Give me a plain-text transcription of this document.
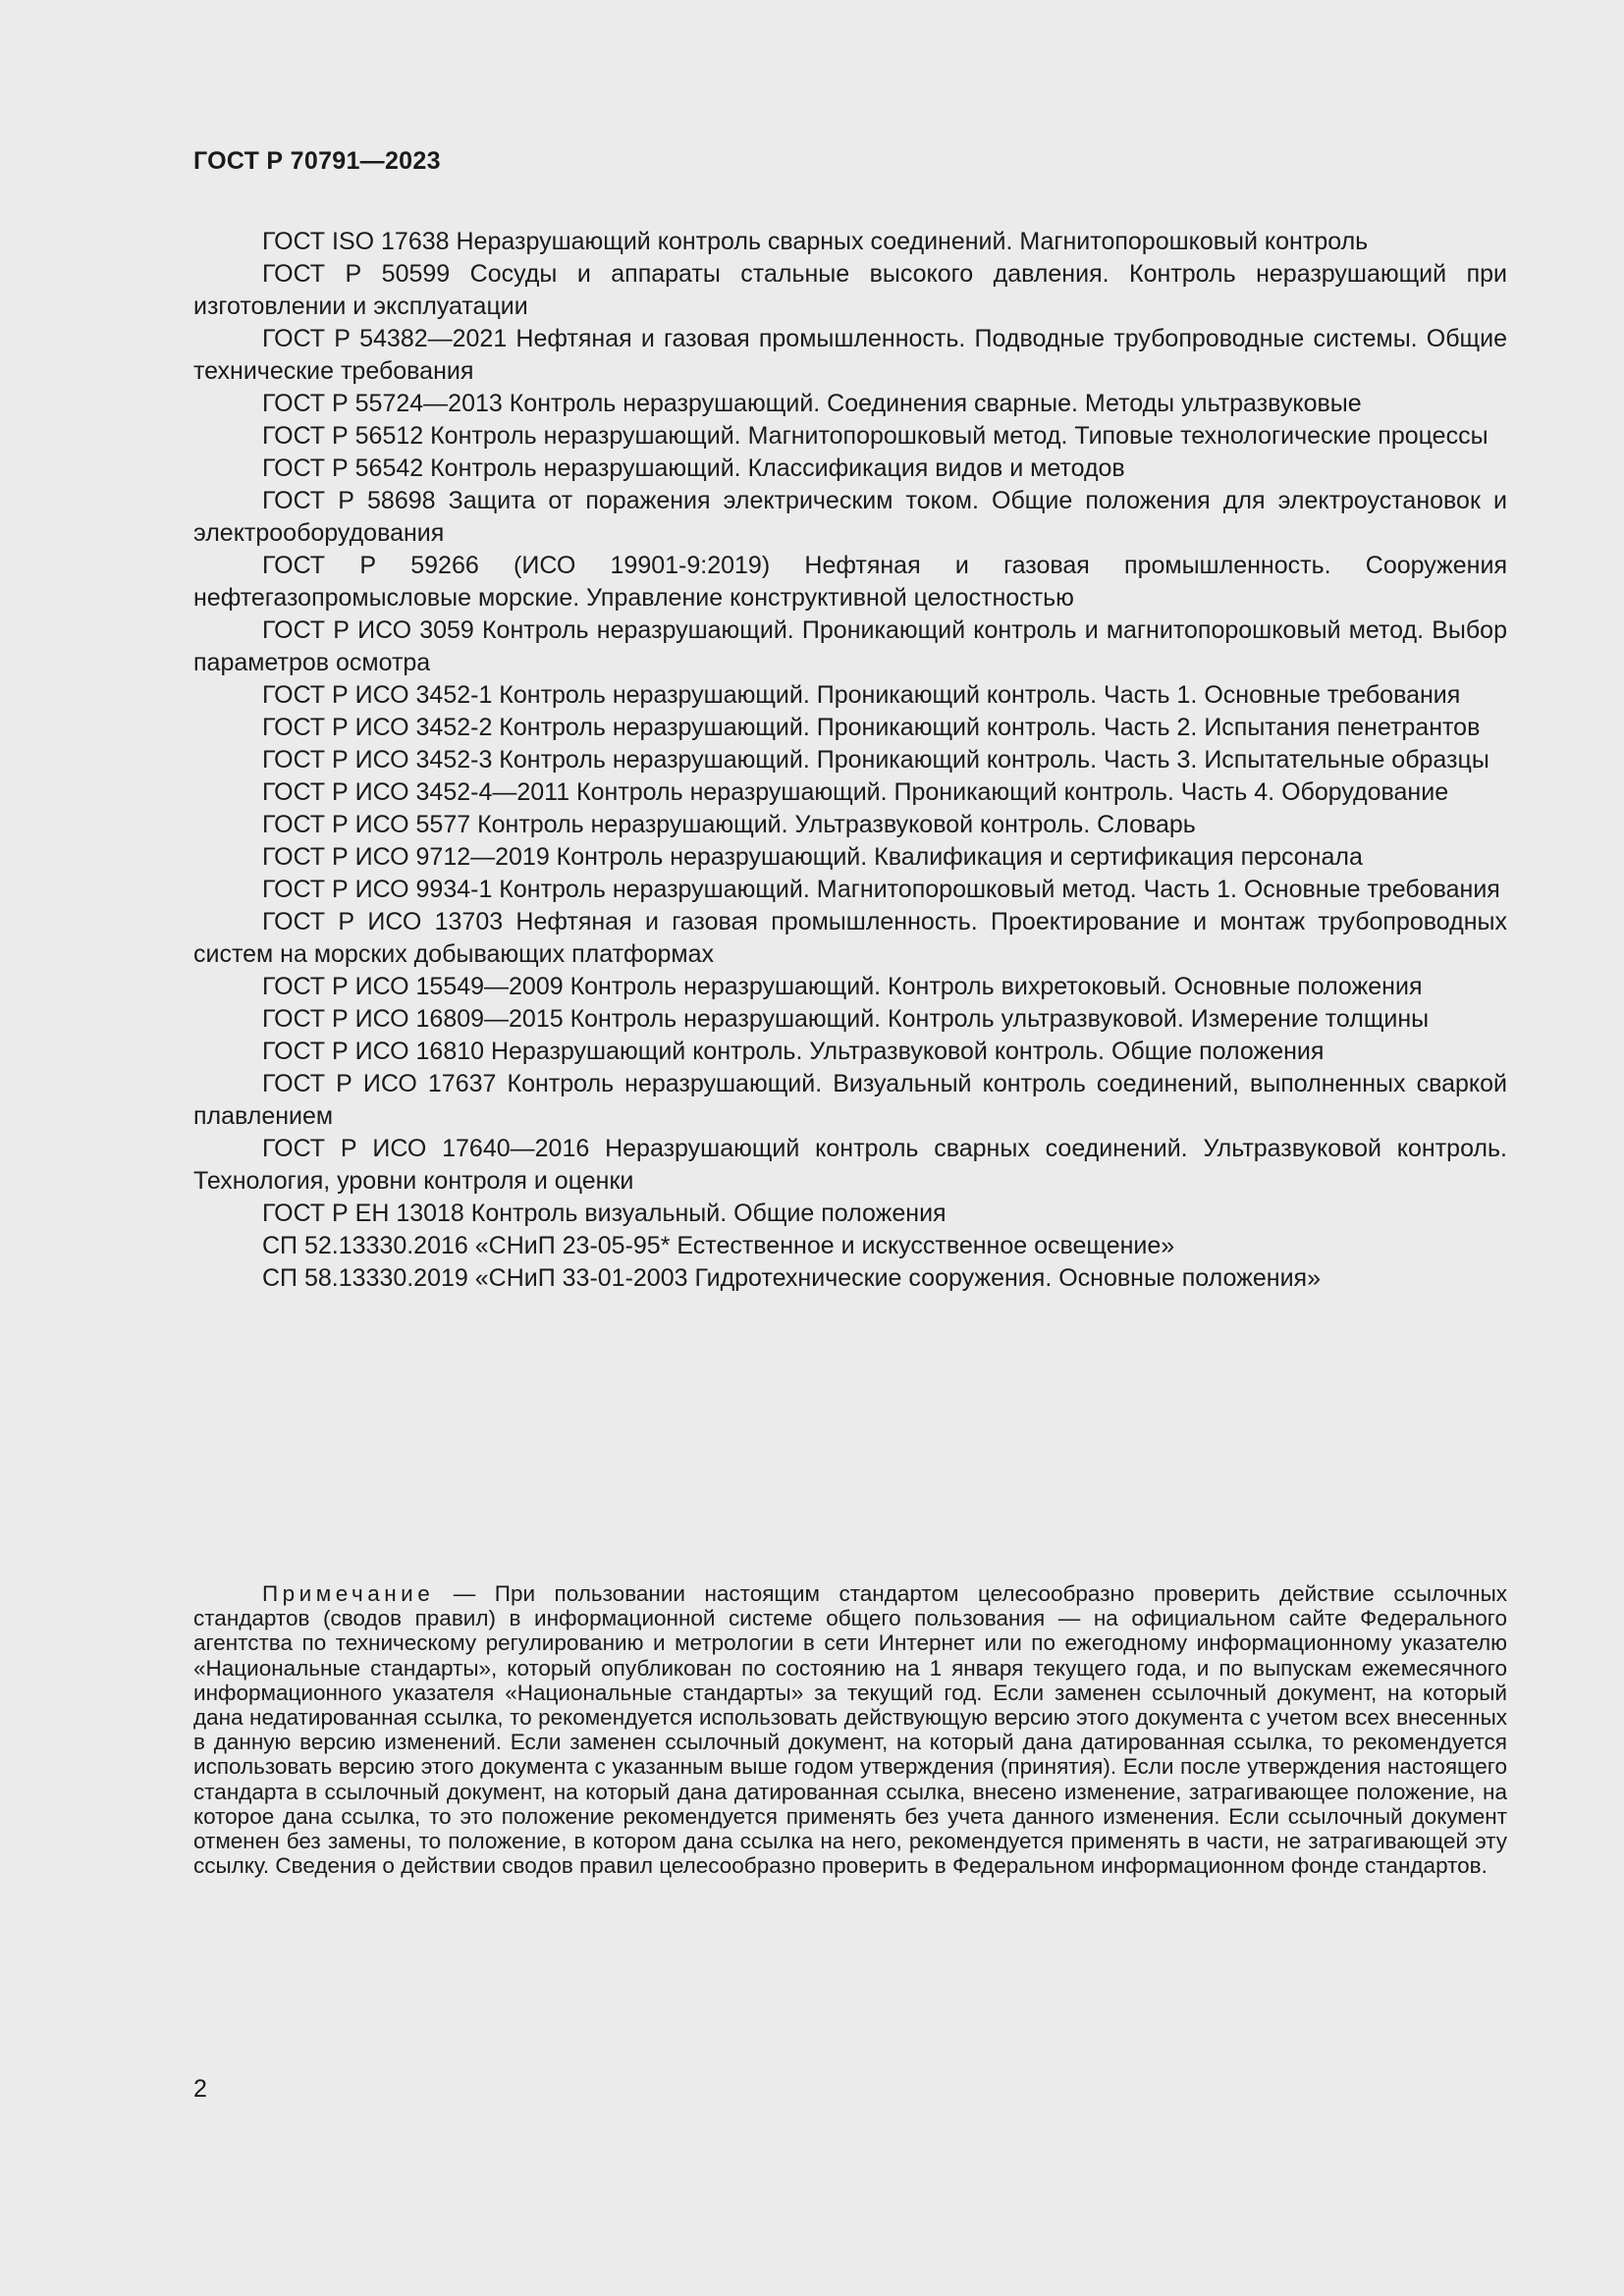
ГОСТ Р 70791—2023

ГОСТ ISO 17638 Неразрушающий контроль сварных соединений. Магнитопорошковый контроль

ГОСТ Р 50599 Сосуды и аппараты стальные высокого давления. Контроль неразрушающий при изготовлении и эксплуатации

ГОСТ Р 54382—2021 Нефтяная и газовая промышленность. Подводные трубопроводные системы. Общие технические требования

ГОСТ Р 55724—2013 Контроль неразрушающий. Соединения сварные. Методы ультразвуковые

ГОСТ Р 56512 Контроль неразрушающий. Магнитопорошковый метод. Типовые технологические процессы

ГОСТ Р 56542 Контроль неразрушающий. Классификация видов и методов

ГОСТ Р 58698 Защита от поражения электрическим током. Общие положения для электроустановок и электрооборудования

ГОСТ Р 59266 (ИСО 19901-9:2019) Нефтяная и газовая промышленность. Сооружения нефтегазопромысловые морские. Управление конструктивной целостностью

ГОСТ Р ИСО 3059 Контроль неразрушающий. Проникающий контроль и магнитопорошковый метод. Выбор параметров осмотра

ГОСТ Р ИСО 3452-1 Контроль неразрушающий. Проникающий контроль. Часть 1. Основные требования

ГОСТ Р ИСО 3452-2 Контроль неразрушающий. Проникающий контроль. Часть 2. Испытания пенетрантов

ГОСТ Р ИСО 3452-3 Контроль неразрушающий. Проникающий контроль. Часть 3. Испытательные образцы

ГОСТ Р ИСО 3452-4—2011 Контроль неразрушающий. Проникающий контроль. Часть 4. Оборудование

ГОСТ Р ИСО 5577 Контроль неразрушающий. Ультразвуковой контроль. Словарь

ГОСТ Р ИСО 9712—2019 Контроль неразрушающий. Квалификация и сертификация персонала

ГОСТ Р ИСО 9934-1 Контроль неразрушающий. Магнитопорошковый метод. Часть 1. Основные требования

ГОСТ Р ИСО 13703 Нефтяная и газовая промышленность. Проектирование и монтаж трубопроводных систем на морских добывающих платформах

ГОСТ Р ИСО 15549—2009 Контроль неразрушающий. Контроль вихретоковый. Основные положения

ГОСТ Р ИСО 16809—2015 Контроль неразрушающий. Контроль ультразвуковой. Измерение толщины

ГОСТ Р ИСО 16810 Неразрушающий контроль. Ультразвуковой контроль. Общие положения

ГОСТ Р ИСО 17637 Контроль неразрушающий. Визуальный контроль соединений, выполненных сваркой плавлением

ГОСТ Р ИСО 17640—2016 Неразрушающий контроль сварных соединений. Ультразвуковой контроль. Технология, уровни контроля и оценки

ГОСТ Р ЕН 13018 Контроль визуальный. Общие положения

СП 52.13330.2016 «СНиП 23-05-95* Естественное и искусственное освещение»

СП 58.13330.2019 «СНиП 33-01-2003 Гидротехнические сооружения. Основные положения»

Примечание — При пользовании настоящим стандартом целесообразно проверить действие ссылочных стандартов (сводов правил) в информационной системе общего пользования — на официальном сайте Федерального агентства по техническому регулированию и метрологии в сети Интернет или по ежегодному информационному указателю «Национальные стандарты», который опубликован по состоянию на 1 января текущего года, и по выпускам ежемесячного информационного указателя «Национальные стандарты» за текущий год. Если заменен ссылочный документ, на который дана недатированная ссылка, то рекомендуется использовать действующую версию этого документа с учетом всех внесенных в данную версию изменений. Если заменен ссылочный документ, на который дана датированная ссылка, то рекомендуется использовать версию этого документа с указанным выше годом утверждения (принятия). Если после утверждения настоящего стандарта в ссылочный документ, на который дана датированная ссылка, внесено изменение, затрагивающее положение, на которое дана ссылка, то это положение рекомендуется применять без учета данного изменения. Если ссылочный документ отменен без замены, то положение, в котором дана ссылка на него, рекомендуется применять в части, не затрагивающей эту ссылку. Сведения о действии сводов правил целесообразно проверить в Федеральном информационном фонде стандартов.

2
